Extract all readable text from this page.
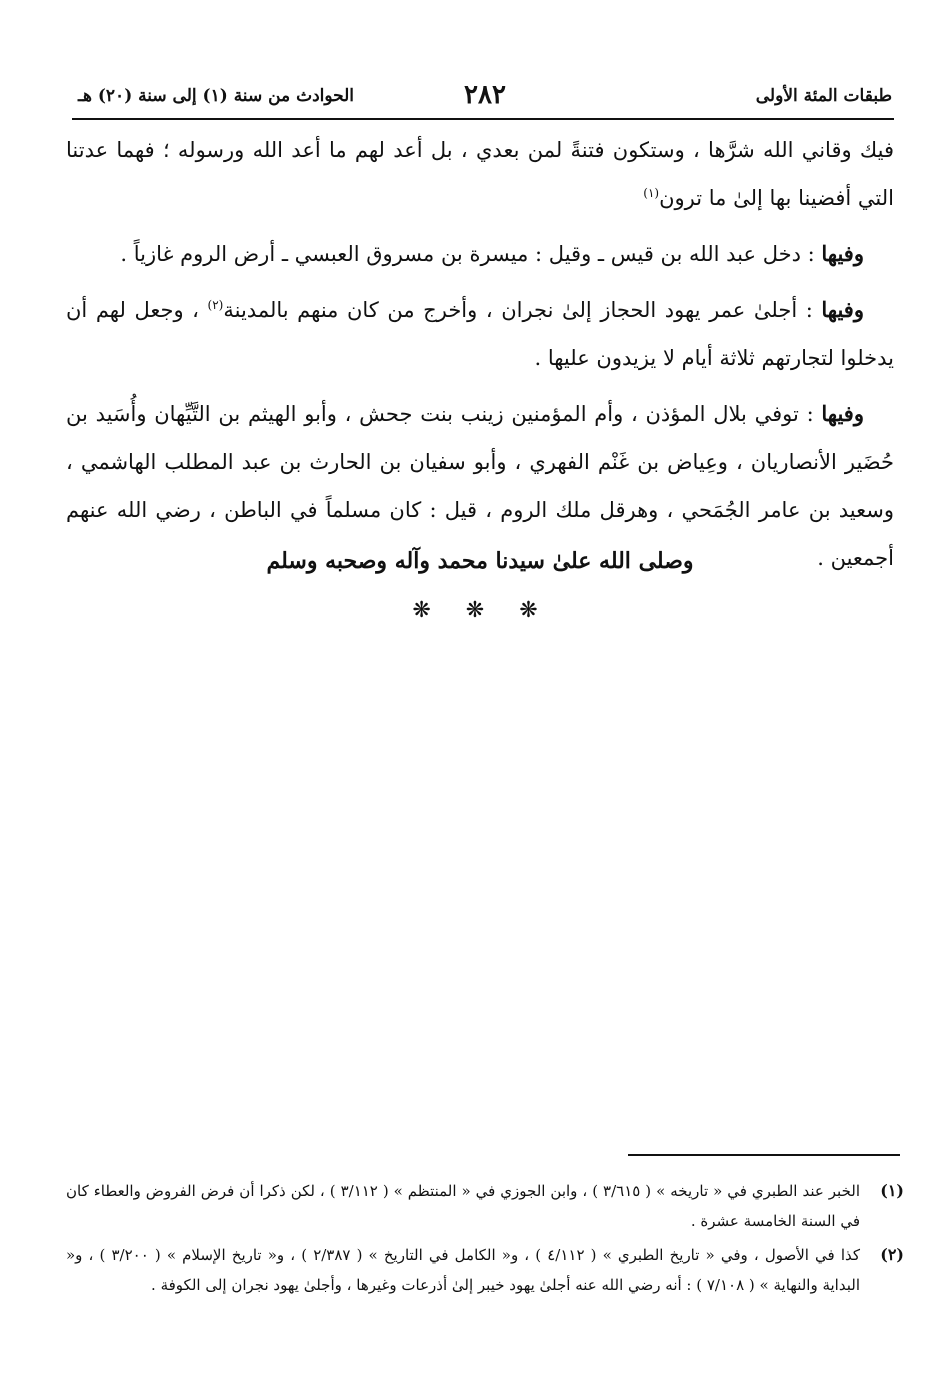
طبقات المئة الأولى
٢٨٢
الحوادث من سنة (١) إلى سنة (٢٠) هـ

فيك وقاني الله شرَّها ، وستكون فتنةً لمن بعدي ، بل أعد لهم ما أعد الله ورسوله ؛ فهما عدتنا التي أفضينا بها إلىٰ ما ترون$^{(١)}$

وفيها : دخل عبد الله بن قيس ـ وقيل : ميسرة بن مسروق العبسي ـ أرض الروم غازياً .

وفيها : أجلىٰ عمر يهود الحجاز إلىٰ نجران ، وأخرج من كان منهم بالمدينة$^{(٢)}$ ، وجعل لهم أن يدخلوا لتجارتهم ثلاثة أيام لا يزيدون عليها .

وفيها : توفي بلال المؤذن ، وأم المؤمنين زينب بنت جحش ، وأبو الهيثم بن التَّيِّهان وأُسَيد بن حُضَير الأنصاريان ، وعِياض بن غَنْم الفهري ، وأبو سفيان بن الحارث بن عبد المطلب الهاشمي ، وسعيد بن عامر الجُمَحي ، وهرقل ملك الروم ، قيل : كان مسلماً في الباطن ، رضي الله عنهم أجمعين .

وصلى الله علىٰ سيدنا محمد وآله وصحبه وسلم
❋ ❋ ❋
(١)
الخبر عند الطبري في « تاريخه » ( ٣/٦١٥ ) ، وابن الجوزي في « المنتظم » ( ٣/١١٢ ) ، لكن ذكرا أن فرض الفروض والعطاء كان في السنة الخامسة عشرة .
(٢)
كذا في الأصول ، وفي « تاريخ الطبري » ( ٤/١١٢ ) ، و« الكامل في التاريخ » ( ٢/٣٨٧ ) ، و« تاريخ الإسلام » ( ٣/٢٠٠ ) ، و« البداية والنهاية » ( ٧/١٠٨ ) : أنه رضي الله عنه أجلىٰ يهود خيبر إلىٰ أذرعات وغيرها ، وأجلىٰ يهود نجران إلى الكوفة .
